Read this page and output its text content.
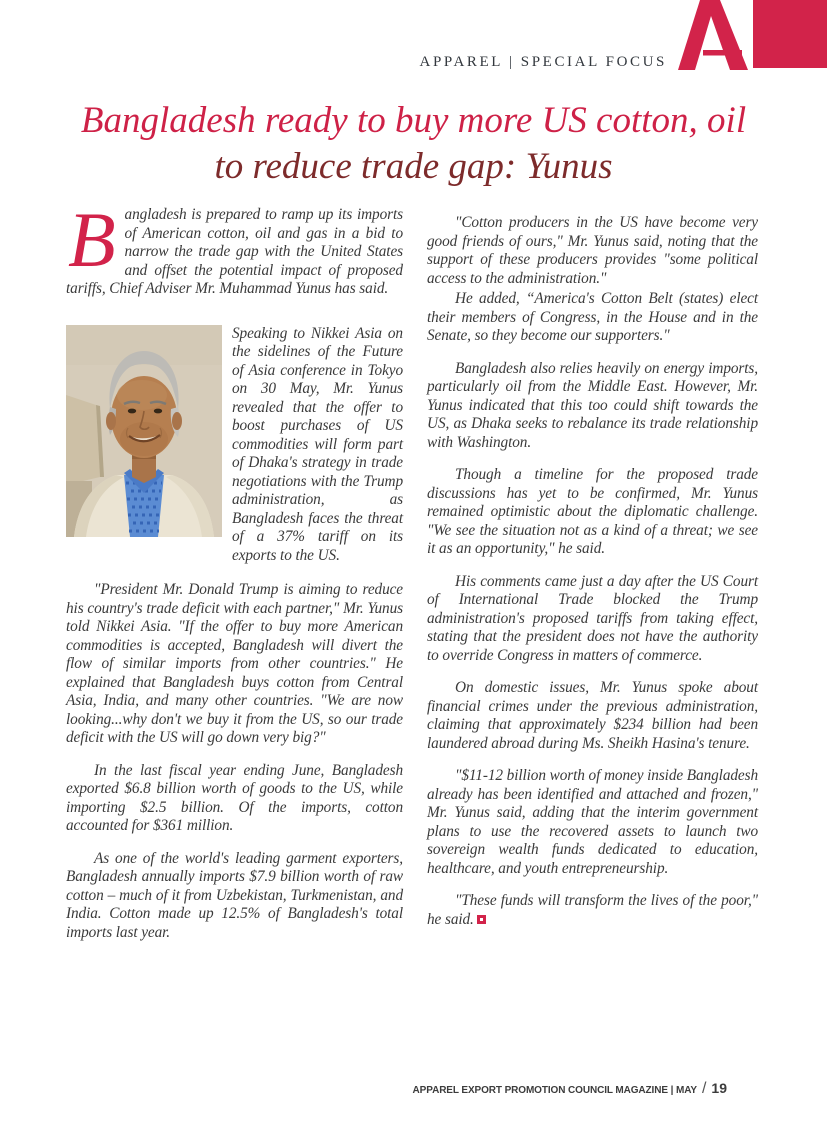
APPAREL | SPECIAL FOCUS
Bangladesh ready to buy more US cotton, oil
to reduce trade gap: Yunus

Bangladesh is prepared to ramp up its imports of American cotton, oil and gas in a bid to narrow the trade gap with the United States and offset the potential impact of proposed tariffs, Chief Adviser Mr. Muhammad Yunus has said.

Speaking to Nikkei Asia on the sidelines of the Future of Asia conference in Tokyo on 30 May, Mr. Yunus revealed that the offer to boost purchases of US commodities will form part of Dhaka's strategy in trade negotiations with the Trump administration, as Bangladesh faces the threat of a 37% tariff on its exports to the US.

"President Mr. Donald Trump is aiming to reduce his country's trade deficit with each partner," Mr. Yunus told Nikkei Asia. "If the offer to buy more American commodities is accepted, Bangladesh will divert the flow of similar imports from other countries." He explained that Bangladesh buys cotton from Central Asia, India, and many other countries. "We are now looking...why don't we buy it from the US, so our trade deficit with the US will go down very big?"

In the last fiscal year ending June, Bangladesh exported $6.8 billion worth of goods to the US, while importing $2.5 billion. Of the imports, cotton accounted for $361 million.

As one of the world's leading garment exporters, Bangladesh annually imports $7.9 billion worth of raw cotton – much of it from Uzbekistan, Turkmenistan, and India. Cotton made up 12.5% of Bangladesh's total imports last year.

"Cotton producers in the US have become very good friends of ours," Mr. Yunus said, noting that the support of these producers provides "some political access to the administration."

He added, “America's Cotton Belt (states) elect their members of Congress, in the House and in the Senate, so they become our supporters."

Bangladesh also relies heavily on energy imports, particularly oil from the Middle East. However, Mr. Yunus indicated that this too could shift towards the US, as Dhaka seeks to rebalance its trade relationship with Washington.

Though a timeline for the proposed trade discussions has yet to be confirmed, Mr. Yunus remained optimistic about the diplomatic challenge. "We see the situation not as a kind of a threat; we see it as an opportunity," he said.

His comments came just a day after the US Court of International Trade blocked the Trump administration's proposed tariffs from taking effect, stating that the president does not have the authority to override Congress in matters of commerce.

On domestic issues, Mr. Yunus spoke about financial crimes under the previous administration, claiming that approximately $234 billion had been laundered abroad during Ms. Sheikh Hasina's tenure.

"$11-12 billion worth of money inside Bangladesh already has been identified and attached and frozen," Mr. Yunus said, adding that the interim government plans to use the recovered assets to launch two sovereign wealth funds dedicated to education, healthcare, and youth entrepreneurship.

"These funds will transform the lives of the poor," he said.

APPAREL EXPORT PROMOTION COUNCIL MAGAZINE | MAY / 19
